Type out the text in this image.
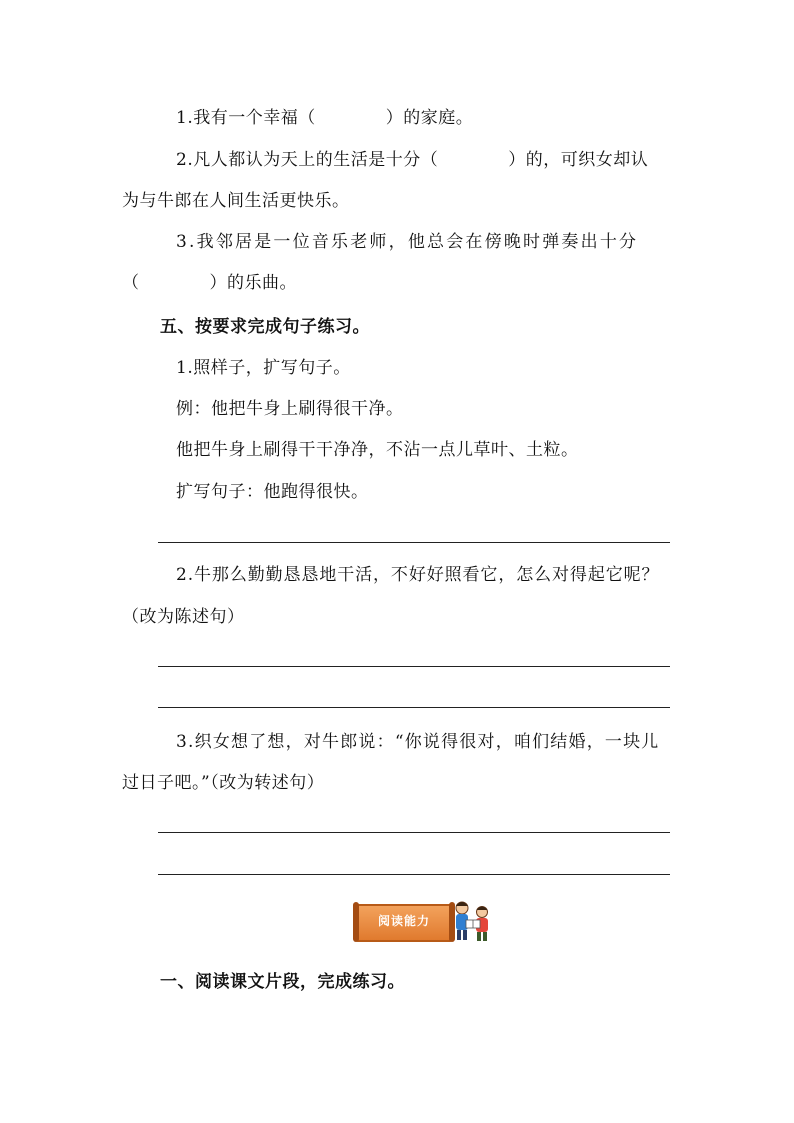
1.我有一个幸福（　　　　）的家庭。
2.凡人都认为天上的生活是十分（　　　　）的，可织女却认
为与牛郎在人间生活更快乐。
3.我邻居是一位音乐老师，他总会在傍晚时弹奏出十分
（　　　　）的乐曲。
五、按要求完成句子练习。
1.照样子，扩写句子。
例：他把牛身上刷得很干净。
他把牛身上刷得干干净净，不沾一点儿草叶、土粒。
扩写句子：他跑得很快。
2.牛那么勤勤恳恳地干活，不好好照看它，怎么对得起它呢？
（改为陈述句）
3.织女想了想，对牛郎说：“你说得很对，咱们结婚，一块儿
过日子吧。”（改为转述句）
阅读能力
一、阅读课文片段，完成练习。
